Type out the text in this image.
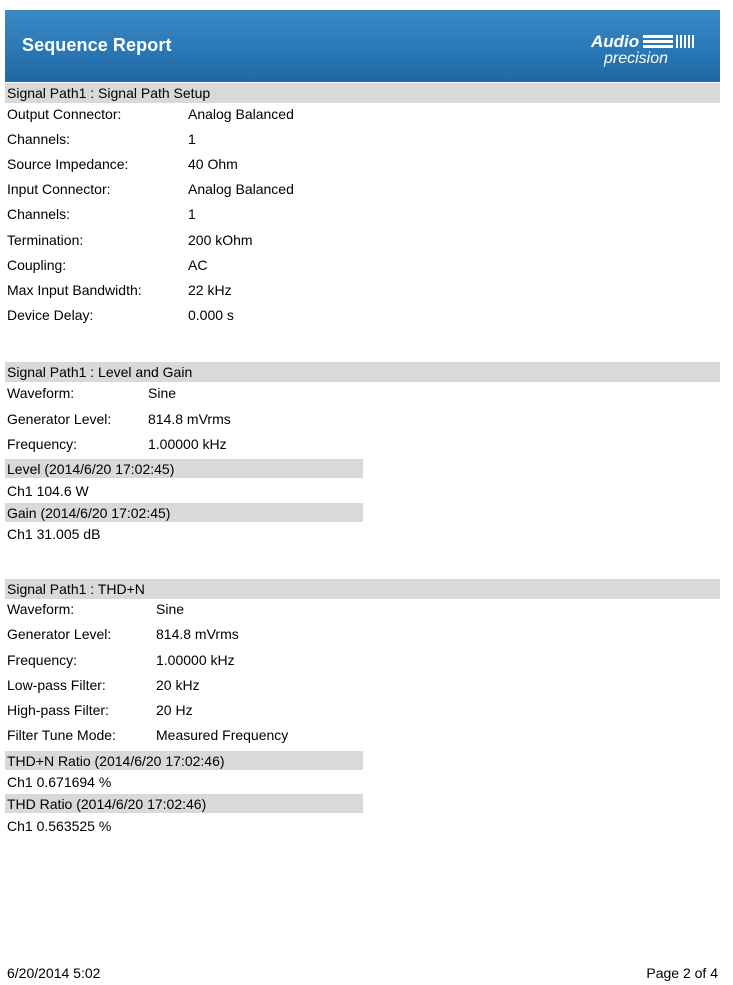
Sequence Report	Audio
precision
Signal Path1 : Signal Path Setup
Output Connector:	Analog Balanced
Channels:	1
Source Impedance:	40 Ohm
Input Connector:	Analog Balanced
Channels:	1
Termination:	200 kOhm
Coupling:	AC
Max Input Bandwidth:	22 kHz
Device Delay:	0.000 s
Signal Path1 : Level and Gain
Waveform:	Sine
Generator Level:	814.8 mVrms
Frequency:	1.00000 kHz
Level (2014/6/20 17:02:45)
Ch1 104.6 W
Gain (2014/6/20 17:02:45)
Ch1 31.005 dB
Signal Path1 : THD+N
Waveform:	Sine
Generator Level:	814.8 mVrms
Frequency:	1.00000 kHz
Low-pass Filter:	20 kHz
High-pass Filter:	20 Hz
Filter Tune Mode:	Measured Frequency
THD+N Ratio (2014/6/20 17:02:46)
Ch1 0.671694 %
THD Ratio (2014/6/20 17:02:46)
Ch1 0.563525 %
6/20/2014 5:02	Page 2 of 4
